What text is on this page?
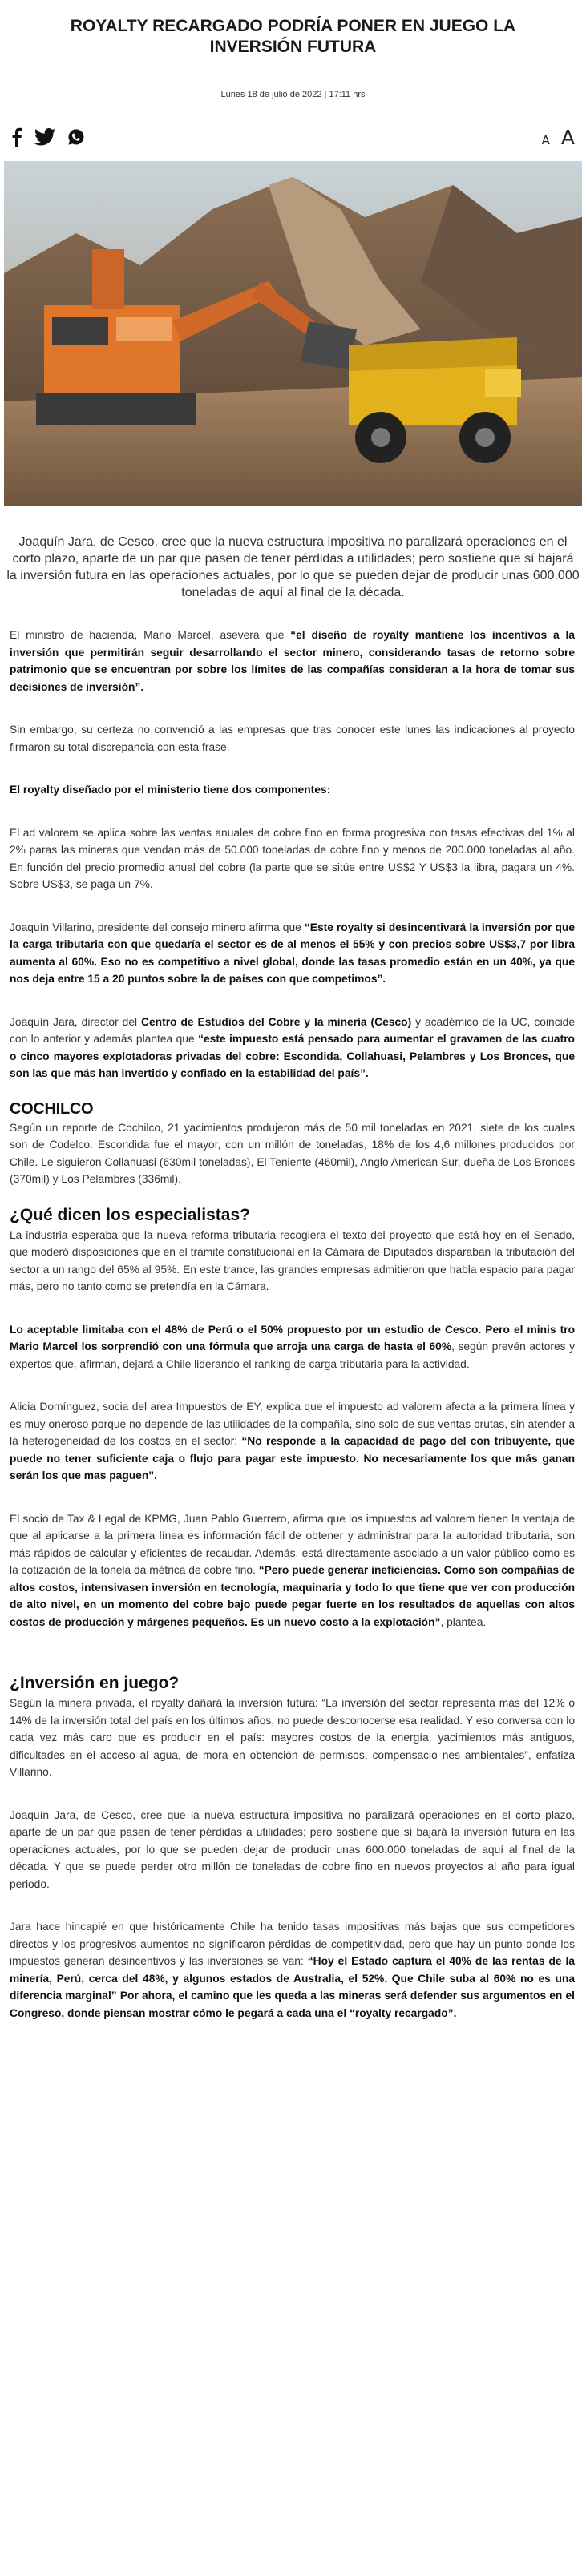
ROYALTY RECARGADO PODRÍA PONER EN JUEGO LA INVERSIÓN FUTURA
Lunes 18 de julio de 2022 | 17:11 hrs
A A

Joaquín Jara, de Cesco, cree que la nueva estructura impositiva no paralizará operaciones en el corto plazo, aparte de un par que pasen de tener pérdidas a utilidades; pero sostiene que sí bajará la inversión futura en las operaciones actuales, por lo que se pueden dejar de producir unas 600.000 toneladas de aquí al final de la década.

El ministro de hacienda, Mario Marcel, asevera que “el diseño de royalty mantiene los incentivos a la inversión que permitirán seguir desarrollando el sector minero, considerando tasas de retorno sobre patrimonio que se encuentran por sobre los límites de las compañías consideran a la hora de tomar sus decisiones de inversión”.

Sin embargo, su certeza no convenció a las empresas que tras conocer este lunes las indicaciones al proyecto firmaron su total discrepancia con esta frase.

El royalty diseñado por el ministerio tiene dos componentes:

El ad valorem se aplica sobre las ventas anuales de cobre fino en forma progresiva con tasas efectivas del 1% al 2% paras las mineras que vendan más de 50.000 toneladas de cobre fino y menos de 200.000 toneladas al año. En función del precio promedio anual del cobre (la parte que se sitúe entre US$2 Y US$3 la libra, pagara un 4%. Sobre US$3, se paga un 7%.

Joaquín Villarino, presidente del consejo minero afirma que “Este royalty si desincentivará la inversión por que la carga tributaria con que quedaría el sector es de al menos el 55% y con precios sobre US$3,7 por libra aumenta al 60%. Eso no es competitivo a nivel global, donde las tasas promedio están en un 40%, ya que nos deja entre 15 a 20 puntos sobre la de países con que competimos”.

Joaquín Jara, director del Centro de Estudios del Cobre y la minería (Cesco) y académico de la UC, coincide con lo anterior y además plantea que “este impuesto está pensado para aumentar el gravamen de las cuatro o cinco mayores explotadoras privadas del cobre: Escondida, Collahuasi, Pelambres y Los Bronces, que son las que más han invertido y confiado en la estabilidad del país”.

COCHILCO

Según un reporte de Cochilco, 21 yacimientos produjeron más de 50 mil toneladas en 2021, siete de los cuales son de Codelco. Escondida fue el mayor, con un millón de toneladas, 18% de los 4,6 millones producidos por Chile. Le siguieron Collahuasi (630mil toneladas), El Teniente (460mil), Anglo American Sur, dueña de Los Bronces (370mil) y Los Pelambres (336mil).

¿Qué dicen los especialistas?

La industria esperaba que la nueva reforma tributaria recogiera el texto del proyecto que está hoy en el Senado, que moderó disposiciones que en el trámite constitucional en la Cámara de Diputados disparaban la tributación del sector a un rango del 65% al 95%. En este trance, las grandes empresas admitieron que habla espacio para pagar más, pero no tanto como se pretendía en la Cámara.

Lo aceptable limitaba con el 48% de Perú o el 50% propuesto por un estudio de Cesco. Pero el minis tro Mario Marcel los sorprendió con una fórmula que arroja una carga de hasta el 60%, según prevén actores y expertos que, afirman, dejará a Chile liderando el ranking de carga tributaria para la actividad.

Alicia Domínguez, socia del area Impuestos de EY, explica que el impuesto ad valorem afecta a la primera línea y es muy oneroso porque no depende de las utilidades de la compañía, sino solo de sus ventas brutas, sin atender a la heterogeneidad de los costos en el sector: “No responde a la capacidad de pago del con tribuyente, que puede no tener suficiente caja o flujo para pagar este impuesto. No necesariamente los que más ganan serán los que mas paguen”.

El socio de Tax & Legal de KPMG, Juan Pablo Guerrero, afirma que los impuestos ad valorem tienen la ventaja de que al aplicarse a la primera línea es información fácil de obtener y administrar para la autoridad tributaria, son más rápidos de calcular y eficientes de recaudar. Además, está directamente asociado a un valor público como es la cotización de la tonela da métrica de cobre fino. “Pero puede generar ineficiencias. Como son compañías de altos costos, intensivasen inversión en tecnología, maquinaria y todo lo que tiene que ver con producción de alto nivel, en un momento del cobre bajo puede pegar fuerte en los resultados de aquellas con altos costos de producción y márgenes pequeños. Es un nuevo costo a la explotación”, plantea.

¿Inversión en juego?

Según la minera privada, el royalty dañará la inversión futura: “La inversión del sector representa más del 12% o 14% de la inversión total del país en los últimos años, no puede desconocerse esa realidad. Y eso conversa con lo cada vez más caro que es producir en el país: mayores costos de la energía, yacimientos más antiguos, dificultades en el acceso al agua, de mora en obtención de permisos, compensacio nes ambientales”, enfatiza Villarino.

Joaquín Jara, de Cesco, cree que la nueva estructura impositiva no paralizará operaciones en el corto plazo, aparte de un par que pasen de tener pérdidas a utilidades; pero sostiene que sí bajará la inversión futura en las operaciones actuales, por lo que se pueden dejar de producir unas 600.000 toneladas de aquí al final de la década. Y que se puede perder otro millón de toneladas de cobre fino en nuevos proyectos al año para igual periodo.

Jara hace hincapié en que históricamente Chile ha tenido tasas impositivas más bajas que sus competidores directos y los progresivos aumentos no significaron pérdidas de competitividad, pero que hay un punto donde los impuestos generan desincentivos y las inversiones se van: “Hoy el Estado captura el 40% de las rentas de la minería, Perú, cerca del 48%, y algunos estados de Australia, el 52%. Que Chile suba al 60% no es una diferencia marginal” Por ahora, el camino que les queda a las mineras será defender sus argumentos en el Congreso, donde piensan mostrar cómo le pegará a cada una el “royalty recargado”.
